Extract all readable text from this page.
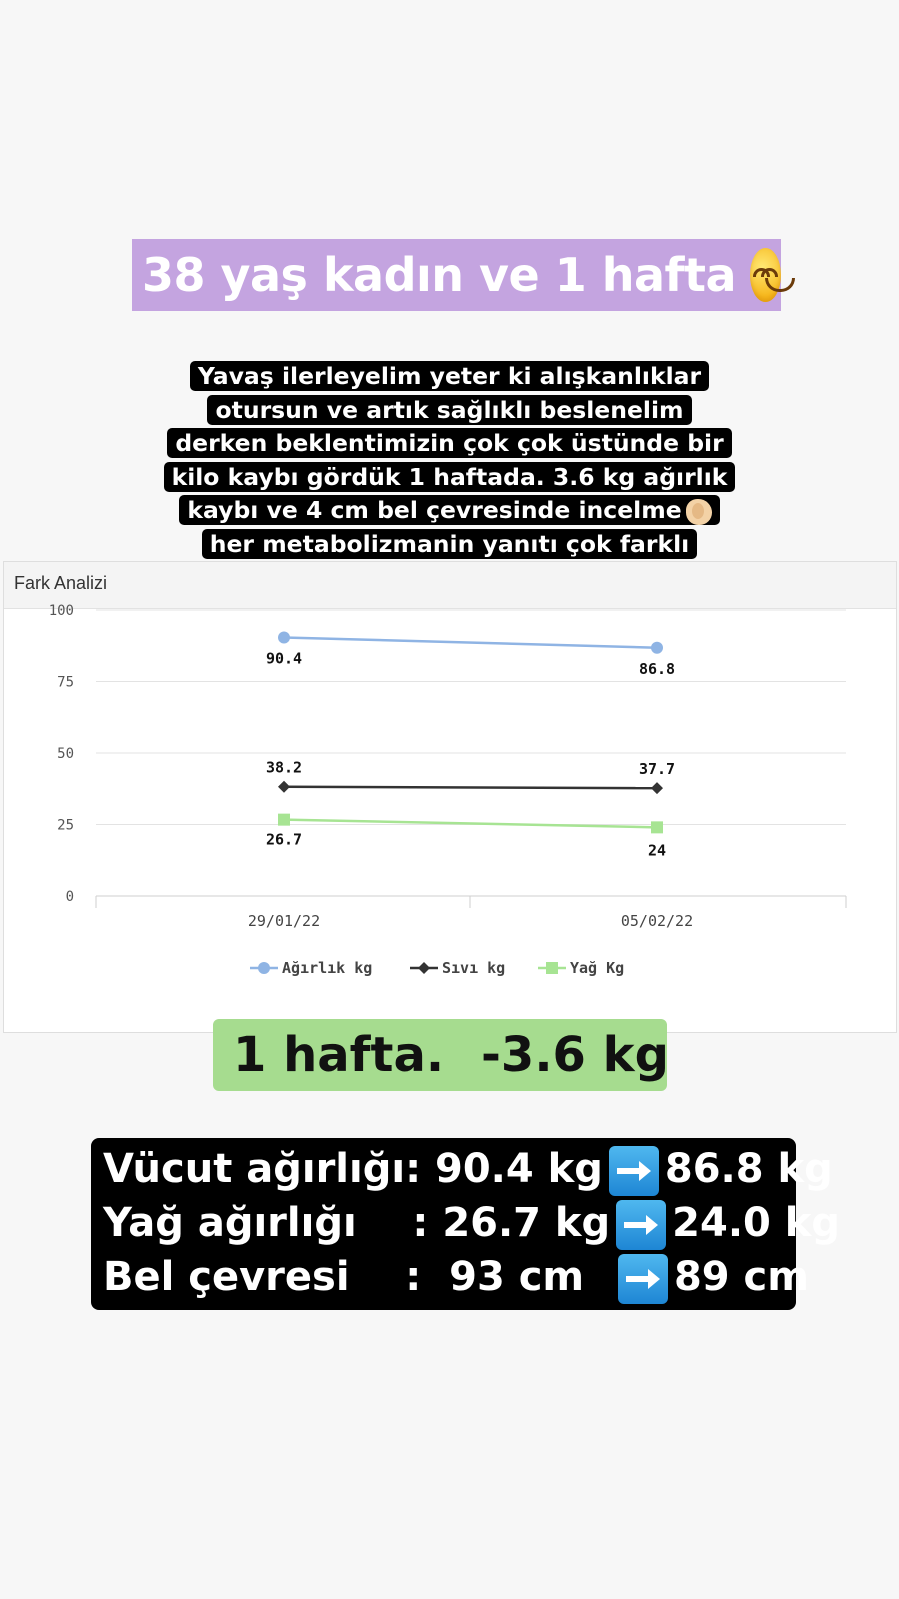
38 yaş kadın ve 1 hafta
Yavaş ilerleyelim yeter ki alışkanlıklar
otursun ve artık sağlıklı beslenelim
derken beklentimizin çok çok üstünde bir
kilo kaybı gördük 1 haftada. 3.6 kg ağırlık
kaybı ve 4 cm bel çevresinde incelme
her metabolizmanin yanıtı çok farklı
Fark Analizi
0
25
50
75
100
29/01/22	05/02/22
90.4
86.8
38.2	37.7
26.7
24
Ağırlık kg	Sıvı kg	Yağ Kg
1 hafta. -3.6 kg
Vücut ağırlığı: 90.4 kg 86.8 kg
Yağ ağırlığı    : 26.7 kg 24.0 kg
Bel çevresi    :  93 cm  89 cm
